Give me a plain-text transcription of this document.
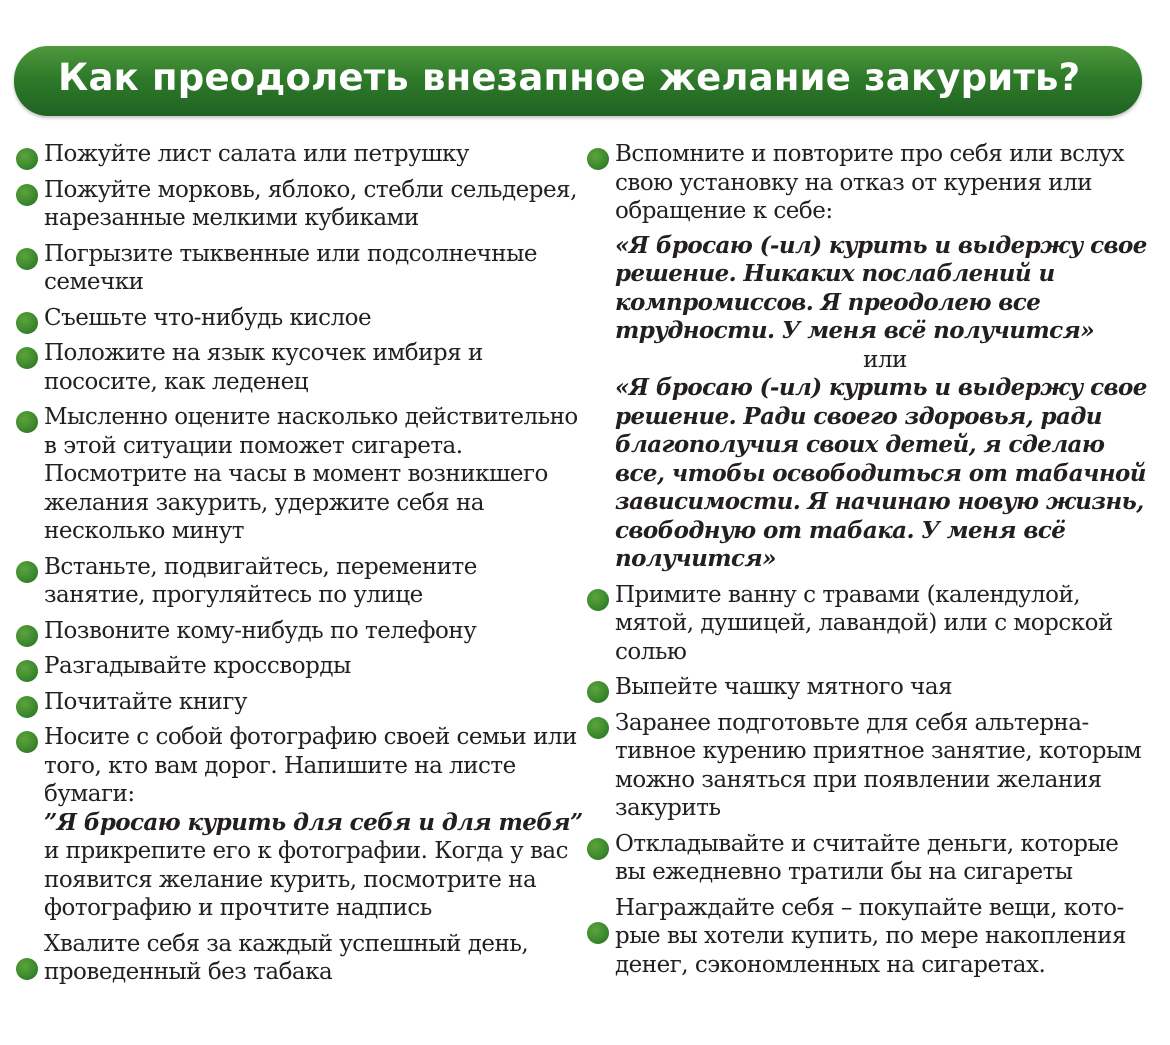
Как преодолеть внезапное желание закурить?

Пожуйте лист салата или петрушку

Пожуйте морковь, яблоко, стебли сельдерея, нарезанные мелкими кубиками

Погрызите тыквенные или подсолнечные семечки

Съешьте что-нибудь кислое

Положите на язык кусочек имбиря и пососите, как леденец

Мысленно оцените насколько действительно в этой ситуации поможет сигарета. Посмотрите на часы в момент возникшего желания закурить, удержите себя на несколько минут

Встаньте, подвигайтесь, перемените занятие, прогуляйтесь по улице

Позвоните кому-нибудь по телефону

Разгадывайте кроссворды

Почитайте книгу

Носите с собой фотографию своей семьи или того, кто вам дорог. Напишите на листе бумаги:

”Я бросаю курить для себя и для тебя”

и прикрепите его к фотографии. Когда у вас появится желание курить, посмотрите на фотографию и прочтите надпись

Хвалите себя за каждый успешный день, проведенный без табака

Вспомните и повторите про себя или вслух свою установку на отказ от курения или обращение к себе:

«Я бросаю (-ил) курить и выдержу свое решение. Никаких послаблений и компромиссов. Я преодолею все трудности. У меня всё получится»

или

«Я бросаю (-ил) курить и выдержу свое решение. Ради своего здоровья, ради благополучия своих детей, я сделаю все, чтобы освободиться от табачной зависимости. Я начинаю новую жизнь, свободную от табака. У меня всё получится»

Примите ванну с травами (календулой, мятой, душицей, лавандой) или с морской солью

Выпейте чашку мятного чая

Заранее подготовьте для себя альтернативное курению приятное занятие, которым можно заняться при появлении желания закурить

Откладывайте и считайте деньги, которые вы ежедневно тратили бы на сигареты

Награждайте себя – покупайте вещи, которые вы хотели купить, по мере накопления денег, сэкономленных на сигаретах.
